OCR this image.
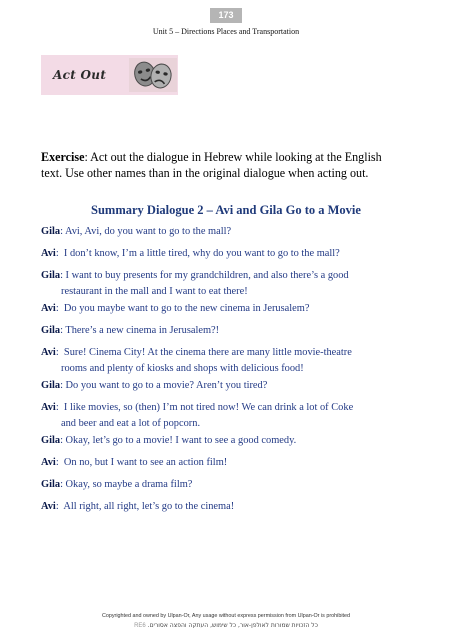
173
Unit 5 – Directions Places and Transportation
Act Out
Exercise: Act out the dialogue in Hebrew while looking at the English text. Use other names than in the original dialogue when acting out.
Summary Dialogue 2 – Avi and Gila Go to a Movie
Gila: Avi, Avi, do you want to go to the mall?
Avi:  I don’t know, I’m a little tired, why do you want to go to the mall?
Gila: I want to buy presents for my grandchildren, and also there’s a good
restaurant in the mall and I want to eat there!
Avi:  Do you maybe want to go to the new cinema in Jerusalem?
Gila: There’s a new cinema in Jerusalem?!
Avi:  Sure! Cinema City! At the cinema there are many little movie-theatre
rooms and plenty of kiosks and shops with delicious food!
Gila: Do you want to go to a movie? Aren’t you tired?
Avi:  I like movies, so (then) I’m not tired now! We can drink a lot of Coke
and beer and eat a lot of popcorn.
Gila: Okay, let’s go to a movie! I want to see a good comedy.
Avi:  On no, but I want to see an action film!
Gila: Okay, so maybe a drama film?
Avi:  All right, all right, let’s go to the cinema!
Copyrighted and owned by Ulpan-Or, Any usage without express permission from Ulpan-Or is prohibited
RE6 כל הזכויות שמורות לאולפן-אור, כל שימוש, העתקה והפצה אסורים.
